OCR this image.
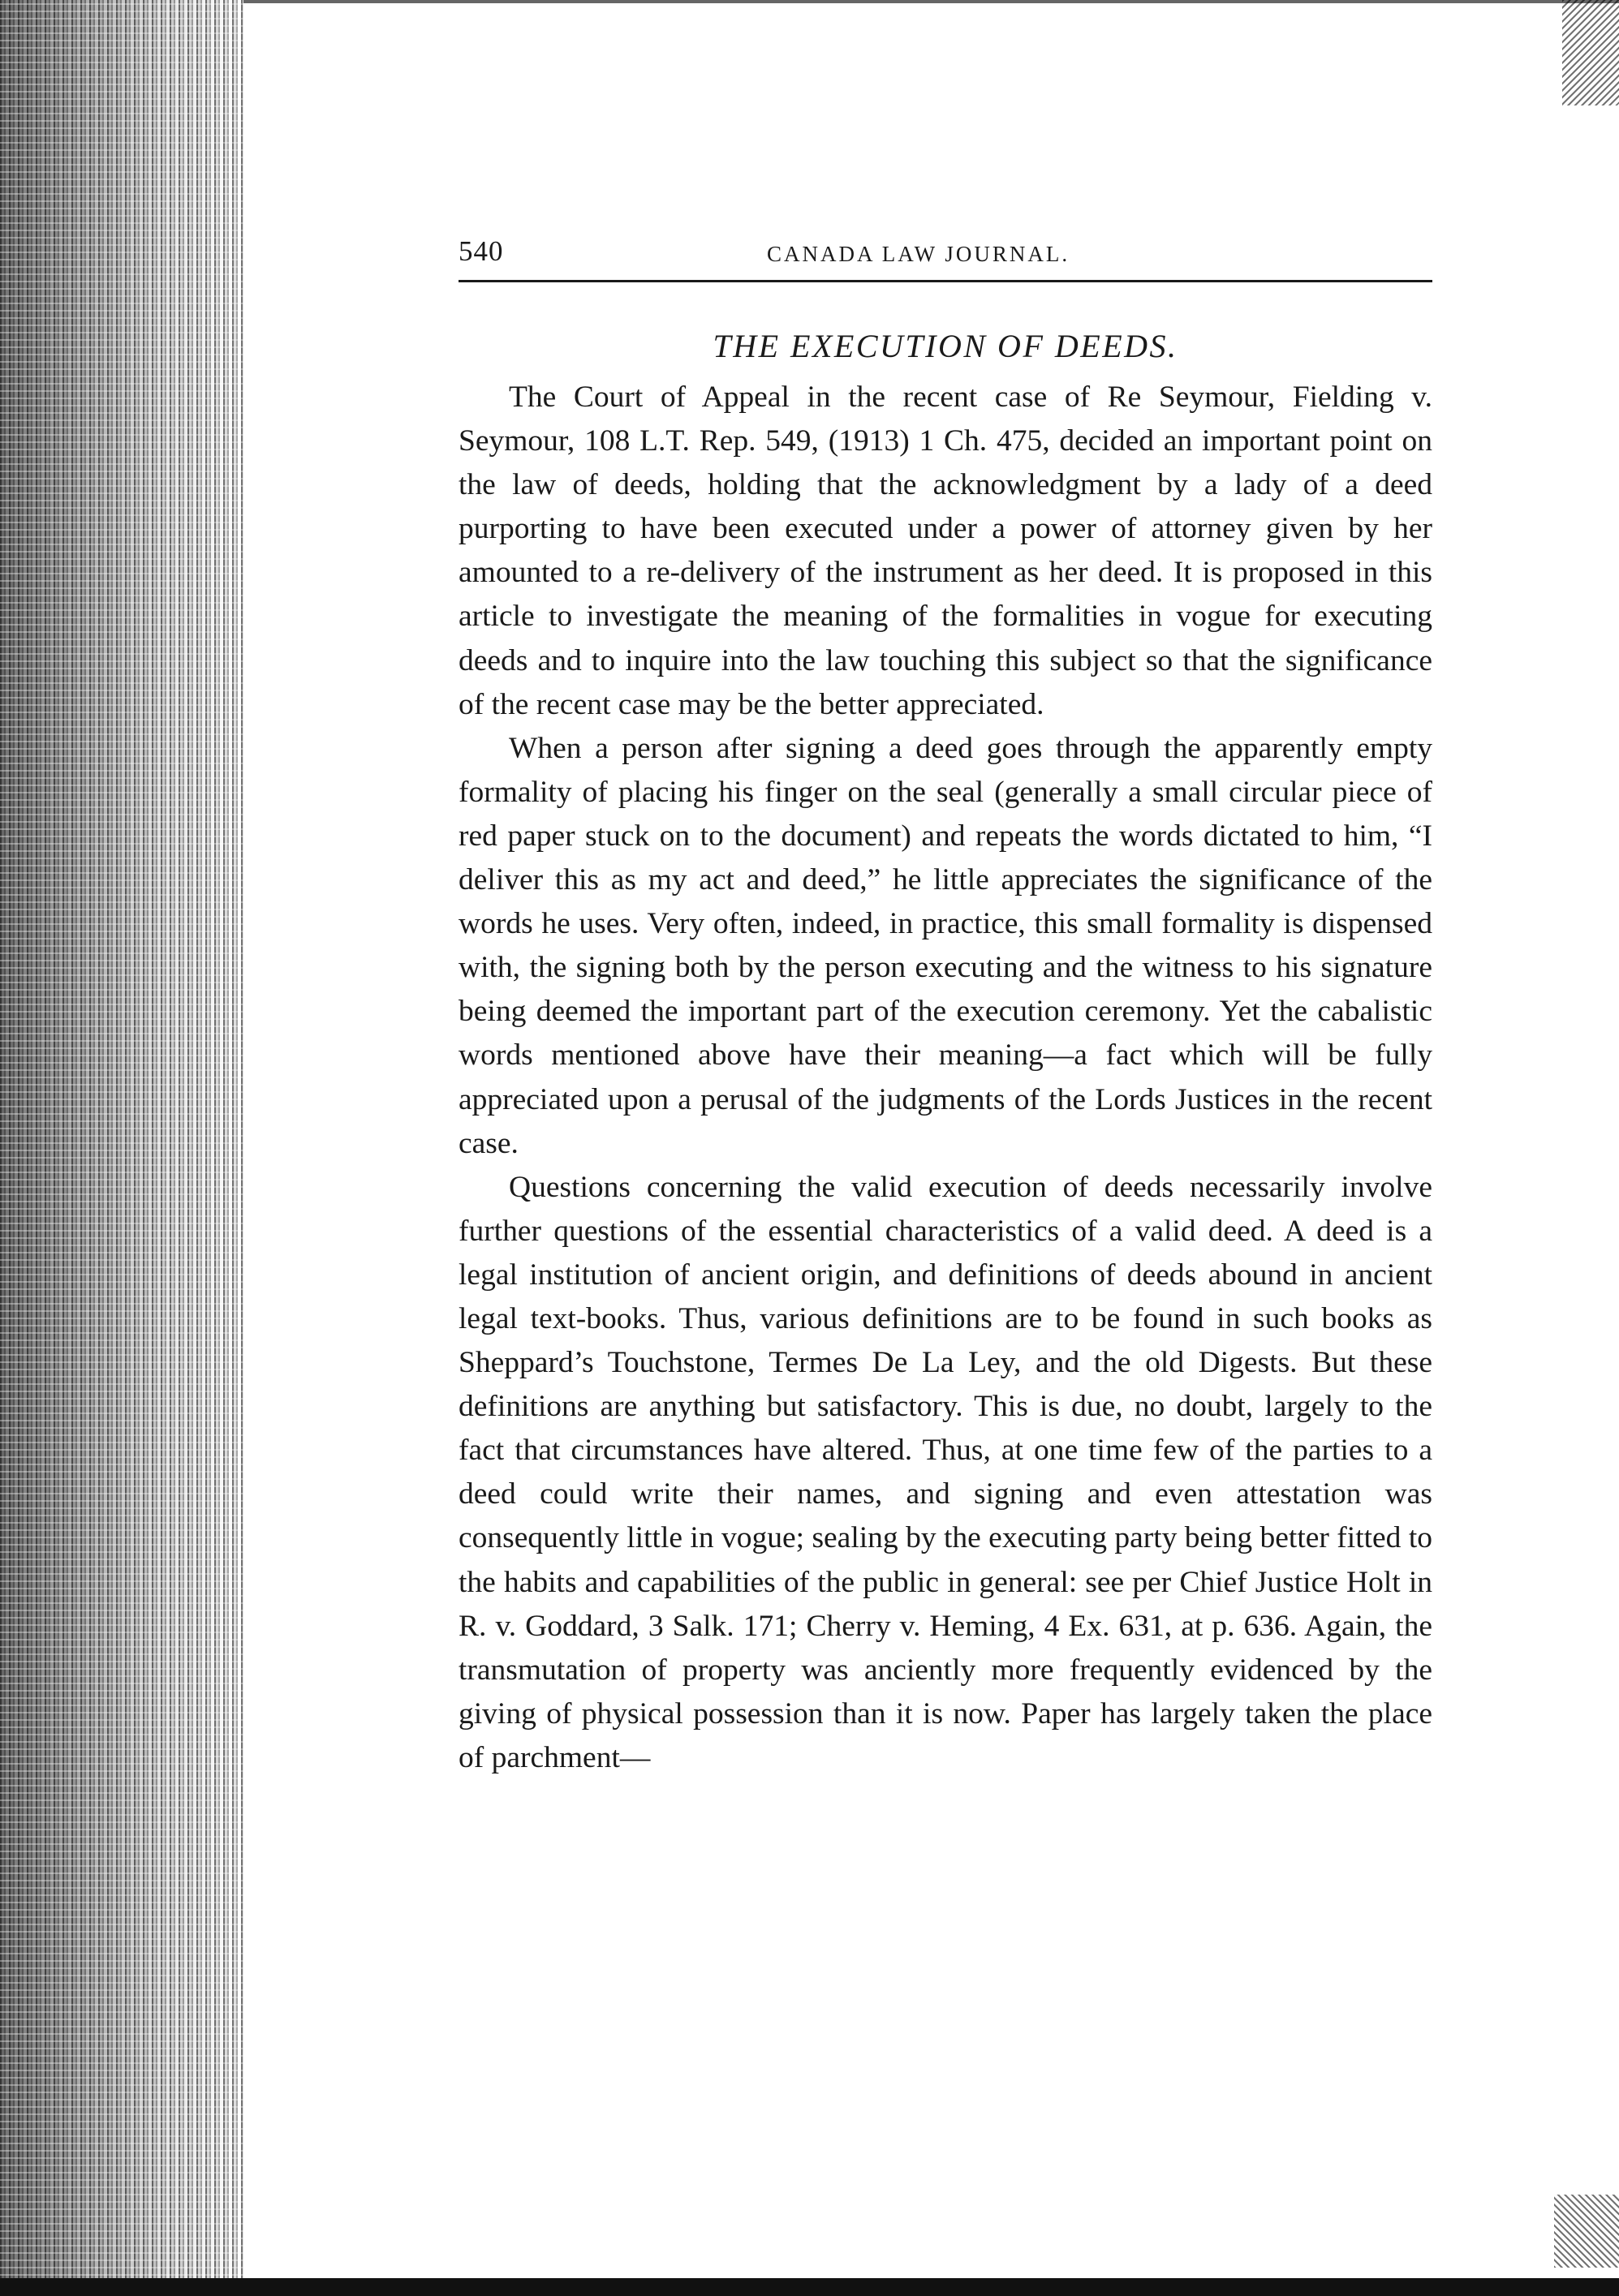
540	CANADA LAW JOURNAL.
THE EXECUTION OF DEEDS.

The Court of Appeal in the recent case of Re Seymour, Fielding v. Seymour, 108 L.T. Rep. 549, (1913) 1 Ch. 475, decided an important point on the law of deeds, holding that the acknowledgment by a lady of a deed purporting to have been executed under a power of attorney given by her amounted to a re-delivery of the instrument as her deed. It is proposed in this article to investigate the meaning of the formalities in vogue for executing deeds and to inquire into the law touching this subject so that the significance of the recent case may be the better appreciated.

When a person after signing a deed goes through the apparently empty formality of placing his finger on the seal (generally a small circular piece of red paper stuck on to the document) and repeats the words dictated to him, “I deliver this as my act and deed,” he little appreciates the significance of the words he uses. Very often, indeed, in practice, this small formality is dispensed with, the signing both by the person executing and the witness to his signature being deemed the important part of the execution ceremony. Yet the cabalistic words mentioned above have their meaning—a fact which will be fully appreciated upon a perusal of the judgments of the Lords Justices in the recent case.

Questions concerning the valid execution of deeds necessarily involve further questions of the essential characteristics of a valid deed. A deed is a legal institution of ancient origin, and definitions of deeds abound in ancient legal text-books. Thus, various definitions are to be found in such books as Sheppard’s Touchstone, Termes De La Ley, and the old Digests. But these definitions are anything but satisfactory. This is due, no doubt, largely to the fact that circumstances have altered. Thus, at one time few of the parties to a deed could write their names, and signing and even attestation was consequently little in vogue; sealing by the executing party being better fitted to the habits and capabilities of the public in general: see per Chief Justice Holt in R. v. Goddard, 3 Salk. 171; Cherry v. Heming, 4 Ex. 631, at p. 636. Again, the transmutation of property was anciently more frequently evidenced by the giving of physical possession than it is now. Paper has largely taken the place of parchment—
